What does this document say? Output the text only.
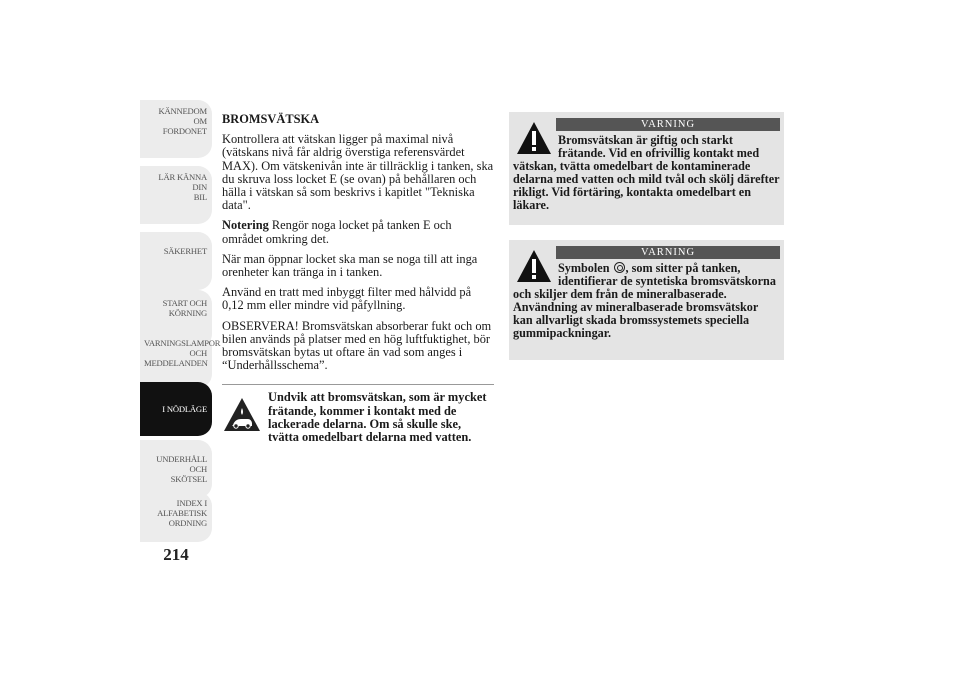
KÄNNEDOM OM
FORDONET
LÄR KÄNNA DIN
BIL
SÄKERHET
START OCH
KÖRNING
VARNINGSLAMPOR
OCH
MEDDELANDEN
I NÖDLÄGE
UNDERHÅLL OCH
SKÖTSEL
INDEX I
ALFABETISK
ORDNING
214
BROMSVÄTSKA

Kontrollera att vätskan ligger på maximal nivå (vätskans nivå får aldrig överstiga referensvärdet MAX). Om vätskenivån inte är tillräcklig i tanken, ska du skruva loss locket E (se ovan) på behållaren och hälla i vätskan så som beskrivs i kapitlet "Tekniska data".

Notering Rengör noga locket på tanken E och området omkring det.

När man öppnar locket ska man se noga till att inga orenheter kan tränga in i tanken.

Använd en tratt med inbyggt filter med hålvidd på 0,12 mm eller mindre vid påfyllning.

OBSERVERA! Bromsvätskan absorberar fukt och om bilen används på platser med en hög luftfuktighet, bör bromsvätskan bytas ut oftare än vad som anges i “Underhållsschema”.

Undvik att bromsvätskan, som är mycket frätande, kommer i kontakt med de lackerade delarna. Om så skulle ske, tvätta omedelbart delarna med vatten.
VARNING
Bromsvätskan är giftig och starkt frätande. Vid en ofrivillig kontakt med vätskan, tvätta omedelbart de kontaminerade delarna med vatten och mild tvål och skölj därefter rikligt. Vid förtäring, kontakta omedelbart en läkare.
VARNING
Symbolen , som sitter på tanken, identifierar de syntetiska bromsvätskorna och skiljer dem från de mineralbaserade. Användning av mineralbaserade bromsvätskor kan allvarligt skada bromssystemets speciella gummipackningar.
